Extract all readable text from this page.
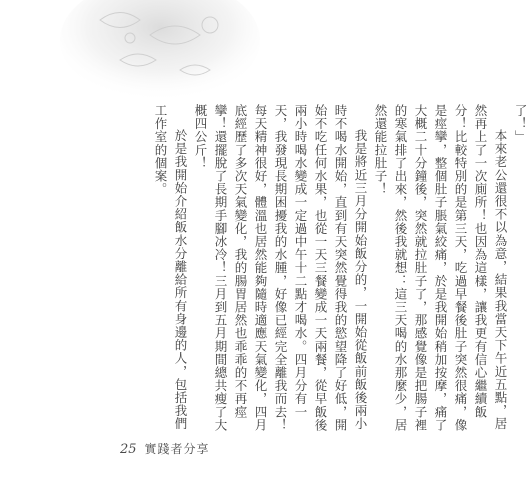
了！」

本來老公還很不以為意，結果我當天下午近五點，居然再上了一次廁所！也因為這樣，讓我更有信心繼續飯分！比較特別的是第三天，吃過早餐後肚子突然很痛，像是痙攣，整個肚子脹氣絞痛，於是我開始稍加按摩，痛了大概二十分鐘後，突然就拉肚子了，那感覺像是把腸子裡的寒氣排了出來，然後我就想：這三天喝的水那麼少，居然還能拉肚子！

我是將近三月分開始飯分的，一開始從飯前飯後兩小時不喝水開始，直到有天突然覺得我的慾望降了好低，開始不吃任何水果，也從一天三餐變成一天兩餐，從早飯後兩小時喝水變成一定過中午十二點才喝水。四月分有一天，我發現長期困擾我的水腫，好像已經完全離我而去！每天精神很好，體溫也居然能夠隨時適應天氣變化，四月底經歷了多次天氣變化，我的腸胃居然也乖乖的不再痙攣！還擺脫了長期手腳冰冷！三月到五月期間總共瘦了大概四公斤！

於是我開始介紹飯水分離給所有身邊的人，包括我們工作室的個案。

25 實踐者分享
